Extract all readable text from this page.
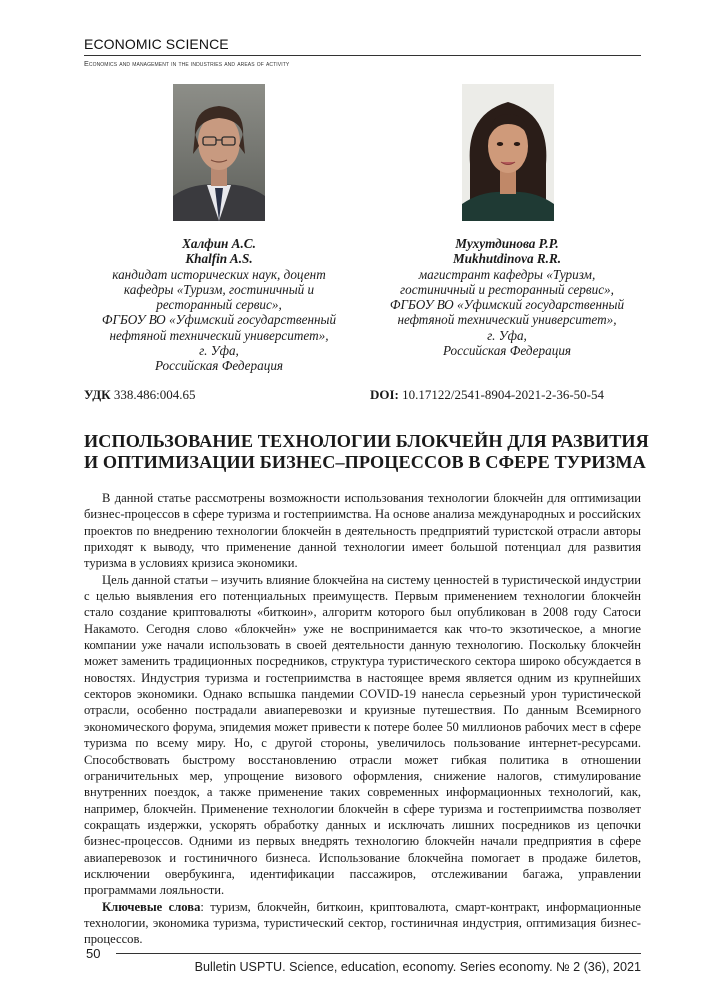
ECONOMIC SCIENCE
Economics and management in the industries and areas of activity
Халфин А.С.
Khalfin A.S.
кандидат исторических наук, доцент
кафедры «Туризм, гостиничный и
ресторанный сервис»,
ФГБОУ ВО «Уфимский государственный
нефтяной технический университет»,
г. Уфа,
Российская Федерация
Мухутдинова Р.Р.
Mukhutdinova R.R.
магистрант кафедры «Туризм,
гостиничный и ресторанный сервис»,
ФГБОУ ВО «Уфимский государственный
нефтяной технический университет»,
г. Уфа,
Российская Федерация
УДК 338.486:004.65	DOI: 10.17122/2541-8904-2021-2-36-50-54
ИСПОЛЬЗОВАНИЕ ТЕХНОЛОГИИ БЛОКЧЕЙН ДЛЯ РАЗВИТИЯ
И ОПТИМИЗАЦИИ БИЗНЕС–ПРОЦЕССОВ В СФЕРЕ ТУРИЗМА

В данной статье рассмотрены возможности использования технологии блокчейн для оптимизации бизнес-процессов в сфере туризма и гостеприимства. На основе анализа международных и российских проектов по внедрению технологии блокчейн в деятельность предприятий туристской отрасли авторы приходят к выводу, что применение данной технологии имеет большой потенциал для развития туризма в условиях кризиса экономики.

Цель данной статьи – изучить влияние блокчейна на систему ценностей в туристической индустрии с целью выявления его потенциальных преимуществ. Первым применением технологии блокчейн стало создание криптовалюты «биткоин», алгоритм которого был опубликован в 2008 году Сатоси Накамото. Сегодня слово «блокчейн» уже не воспринимается как что-то экзотическое, а многие компании уже начали использовать в своей деятельности данную технологию. Поскольку блокчейн может заменить традиционных посредников, структура туристического сектора широко обсуждается в новостях. Индустрия туризма и гостеприимства в настоящее время является одним из крупнейших секторов экономики. Однако вспышка пандемии COVID-19 нанесла серьезный урон туристической отрасли, особенно пострадали авиаперевозки и круизные путешествия. По данным Всемирного экономического форума, эпидемия может привести к потере более 50 миллионов рабочих мест в сфере туризма по всему миру. Но, с другой стороны, увеличилось пользование интернет-ресурсами. Способствовать быстрому восстановлению отрасли может гибкая политика в отношении ограничительных мер, упрощение визового оформления, снижение налогов, стимулирование внутренних поездок, а также применение таких современных информационных технологий, как, например, блокчейн. Применение технологии блокчейн в сфере туризма и гостеприимства позволяет сокращать издержки, ускорять обработку данных и исключать лишних посредников из цепочки бизнес-процессов. Одними из первых внедрять технологию блокчейн начали предприятия в сфере авиаперевозок и гостиничного бизнеса. Использование блокчейна помогает в продаже билетов, исключении овербукинга, идентификации пассажиров, отслеживании багажа, управлении программами лояльности.

Ключевые слова: туризм, блокчейн, биткоин, криптовалюта, смарт-контракт, информационные технологии, экономика туризма, туристический сектор, гостиничная индустрия, оптимизация бизнес-процессов.

50
Bulletin USPTU. Science, education, economy. Series economy. № 2 (36), 2021
